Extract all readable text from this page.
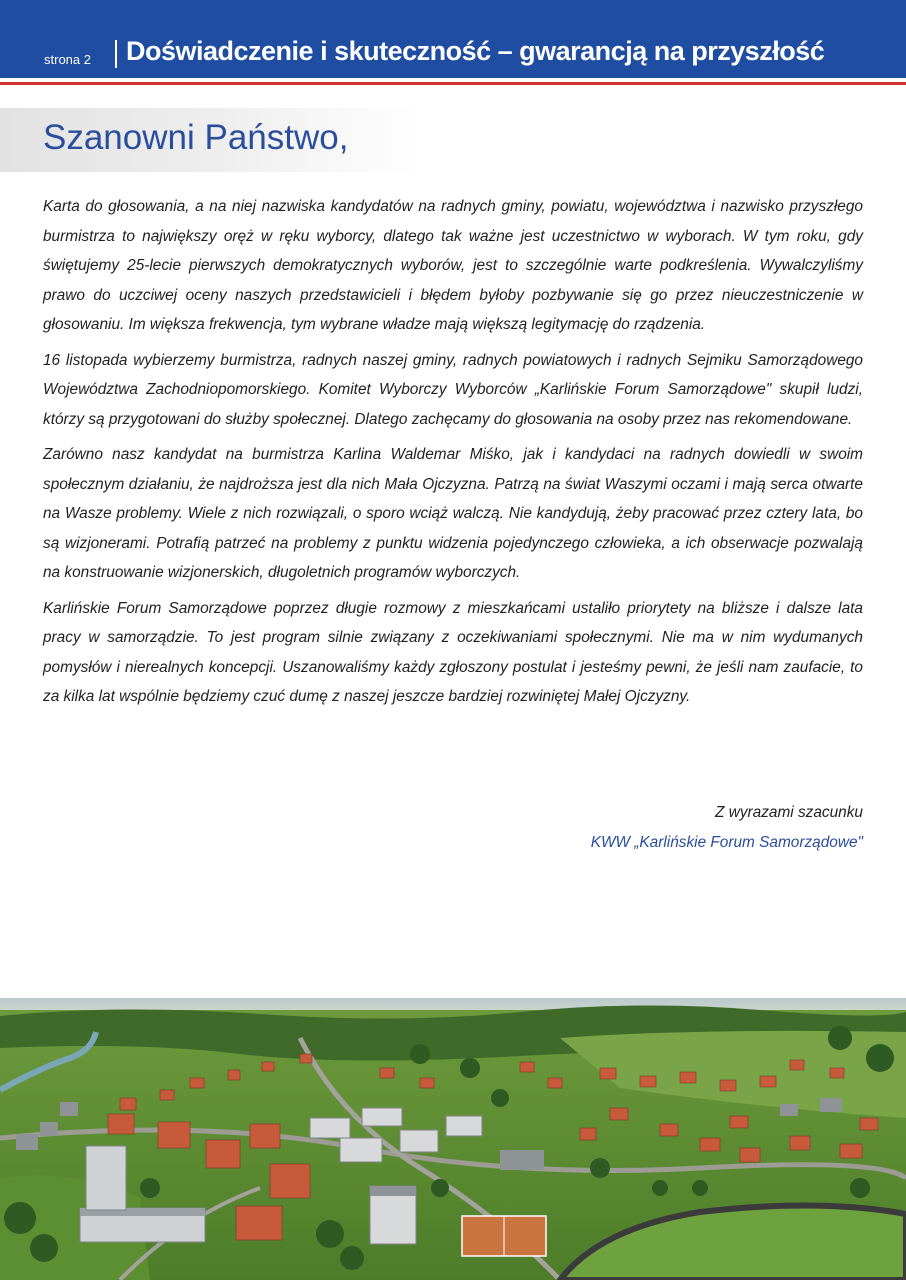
strona 2 Doświadczenie i skuteczność – gwarancją na przyszłość
Szanowni Państwo,

Karta do głosowania, a na niej nazwiska kandydatów na radnych gminy, powiatu, województwa i nazwisko przyszłego burmistrza to największy oręż w ręku wyborcy, dlatego tak ważne jest uczestnictwo w wyborach. W tym roku, gdy świętujemy 25-lecie pierwszych demokratycznych wyborów, jest to szczególnie warte podkreślenia. Wywalczyliśmy prawo do uczciwej oceny naszych przedstawicieli i błędem byłoby pozbywanie się go przez nieuczestniczenie w głosowaniu. Im większa frekwencja, tym wybrane władze mają większą legitymację do rządzenia.

16 listopada wybierzemy burmistrza, radnych naszej gminy, radnych powiatowych i radnych Sejmiku Samorządowego Województwa Zachodniopomorskiego. Komitet Wyborczy Wyborców „Karlińskie Forum Samorządowe" skupił ludzi, którzy są przygotowani do służby społecznej. Dlatego zachęcamy do głosowania na osoby przez nas rekomendowane.

Zarówno nasz kandydat na burmistrza Karlina Waldemar Miśko, jak i kandydaci na radnych dowiedli w swoim społecznym działaniu, że najdroższa jest dla nich Mała Ojczyzna. Patrzą na świat Waszymi oczami i mają serca otwarte na Wasze problemy. Wiele z nich rozwiązali, o sporo wciąż walczą. Nie kandydują, żeby pracować przez cztery lata, bo są wizjonerami. Potrafią patrzeć na problemy z punktu widzenia pojedynczego człowieka, a ich obserwacje pozwalają na konstruowanie wizjonerskich, długoletnich programów wyborczych.

Karlińskie Forum Samorządowe poprzez długie rozmowy z mieszkańcami ustaliło priorytety na bliższe i dalsze lata pracy w samorządzie. To jest program silnie związany z oczekiwaniami społecznymi. Nie ma w nim wydumanych pomysłów i nierealnych koncepcji. Uszanowaliśmy każdy zgłoszony postulat i jesteśmy pewni, że jeśli nam zaufacie, to za kilka lat wspólnie będziemy czuć dumę z naszej jeszcze bardziej rozwiniętej Małej Ojczyzny.

Z wyrazami szacunku
KWW „Karlińskie Forum Samorządowe"
